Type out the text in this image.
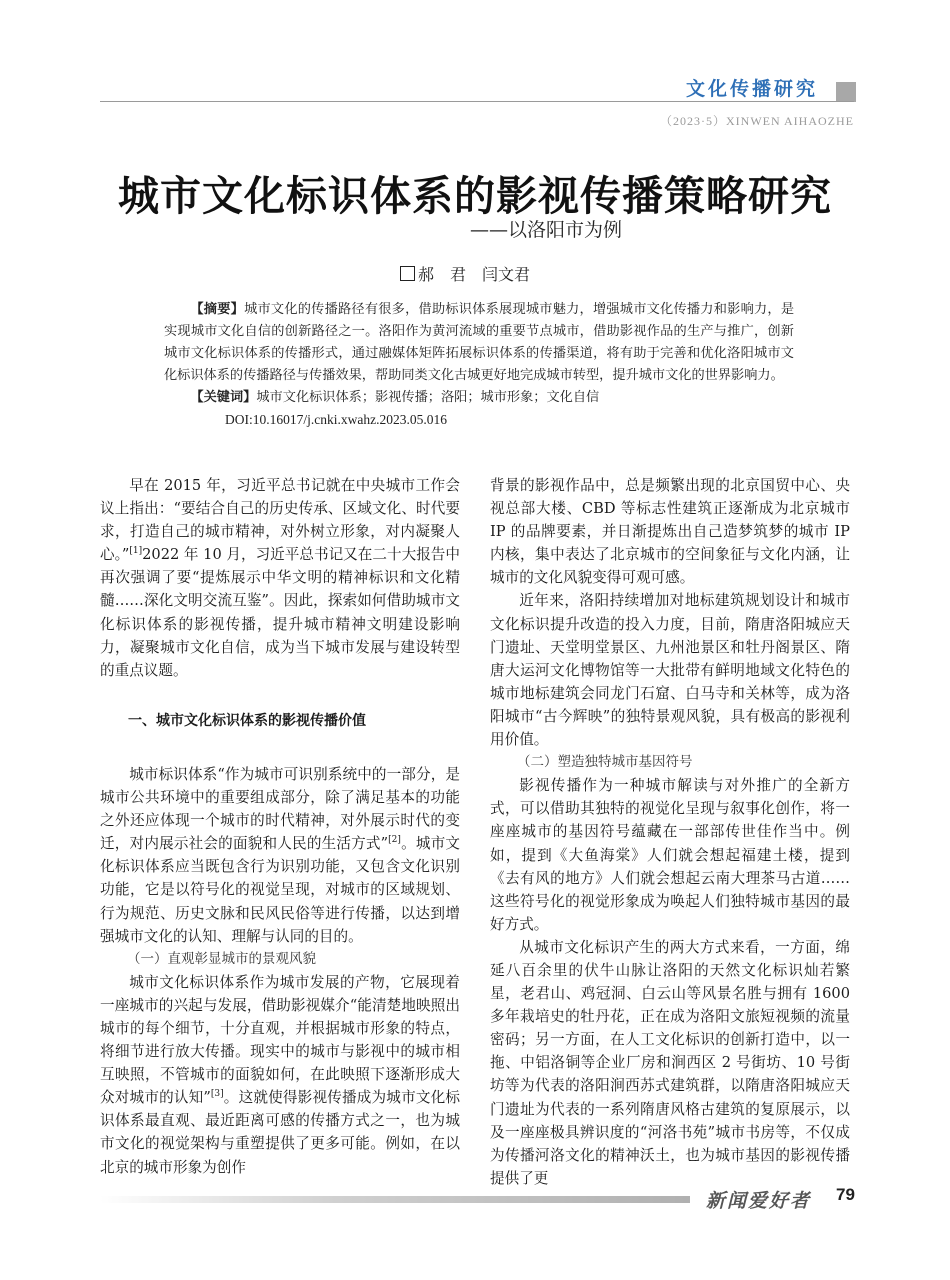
文化传播研究
（2023·5）XINWEN AIHAOZHE
城市文化标识体系的影视传播策略研究
——以洛阳市为例
郝　君　闫文君

【摘要】城市文化的传播路径有很多，借助标识体系展现城市魅力，增强城市文化传播力和影响力，是实现城市文化自信的创新路径之一。洛阳作为黄河流域的重要节点城市，借助影视作品的生产与推广，创新城市文化标识体系的传播形式，通过融媒体矩阵拓展标识体系的传播渠道，将有助于完善和优化洛阳城市文化标识体系的传播路径与传播效果，帮助同类文化古城更好地完成城市转型，提升城市文化的世界影响力。

【关键词】城市文化标识体系；影视传播；洛阳；城市形象；文化自信

DOI:10.16017/j.cnki.xwahz.2023.05.016

早在 2015 年，习近平总书记就在中央城市工作会议上指出：“要结合自己的历史传承、区域文化、时代要求，打造自己的城市精神，对外树立形象，对内凝聚人心。”[1]2022 年 10 月，习近平总书记又在二十大报告中再次强调了要“提炼展示中华文明的精神标识和文化精髓……深化文明交流互鉴”。因此，探索如何借助城市文化标识体系的影视传播，提升城市精神文明建设影响力，凝聚城市文化自信，成为当下城市发展与建设转型的重点议题。

一、城市文化标识体系的影视传播价值

城市标识体系“作为城市可识别系统中的一部分，是城市公共环境中的重要组成部分，除了满足基本的功能之外还应体现一个城市的时代精神，对外展示时代的变迁，对内展示社会的面貌和人民的生活方式”[2]。城市文化标识体系应当既包含行为识别功能，又包含文化识别功能，它是以符号化的视觉呈现，对城市的区域规划、行为规范、历史文脉和民风民俗等进行传播，以达到增强城市文化的认知、理解与认同的目的。

（一）直观彰显城市的景观风貌

城市文化标识体系作为城市发展的产物，它展现着一座城市的兴起与发展，借助影视媒介“能清楚地映照出城市的每个细节，十分直观，并根据城市形象的特点，将细节进行放大传播。现实中的城市与影视中的城市相互映照，不管城市的面貌如何，在此映照下逐渐形成大众对城市的认知”[3]。这就使得影视传播成为城市文化标识体系最直观、最近距离可感的传播方式之一，也为城市文化的视觉架构与重塑提供了更多可能。例如，在以北京的城市形象为创作

背景的影视作品中，总是频繁出现的北京国贸中心、央视总部大楼、CBD 等标志性建筑正逐渐成为北京城市 IP 的品牌要素，并日渐提炼出自己造梦筑梦的城市 IP 内核，集中表达了北京城市的空间象征与文化内涵，让城市的文化风貌变得可观可感。

近年来，洛阳持续增加对地标建筑规划设计和城市文化标识提升改造的投入力度，目前，隋唐洛阳城应天门遗址、天堂明堂景区、九州池景区和牡丹阁景区、隋唐大运河文化博物馆等一大批带有鲜明地域文化特色的城市地标建筑会同龙门石窟、白马寺和关林等，成为洛阳城市“古今辉映”的独特景观风貌，具有极高的影视利用价值。

（二）塑造独特城市基因符号

影视传播作为一种城市解读与对外推广的全新方式，可以借助其独特的视觉化呈现与叙事化创作，将一座座城市的基因符号蕴藏在一部部传世佳作当中。例如，提到《大鱼海棠》人们就会想起福建土楼，提到《去有风的地方》人们就会想起云南大理茶马古道……这些符号化的视觉形象成为唤起人们独特城市基因的最好方式。

从城市文化标识产生的两大方式来看，一方面，绵延八百余里的伏牛山脉让洛阳的天然文化标识灿若繁星，老君山、鸡冠洞、白云山等风景名胜与拥有 1600 多年栽培史的牡丹花，正在成为洛阳文旅短视频的流量密码；另一方面，在人工文化标识的创新打造中，以一拖、中铝洛铜等企业厂房和涧西区 2 号街坊、10 号街坊等为代表的洛阳涧西苏式建筑群，以隋唐洛阳城应天门遗址为代表的一系列隋唐风格古建筑的复原展示，以及一座座极具辨识度的“河洛书苑”城市书房等，不仅成为传播河洛文化的精神沃土，也为城市基因的影视传播提供了更

新闻爱好者 79
